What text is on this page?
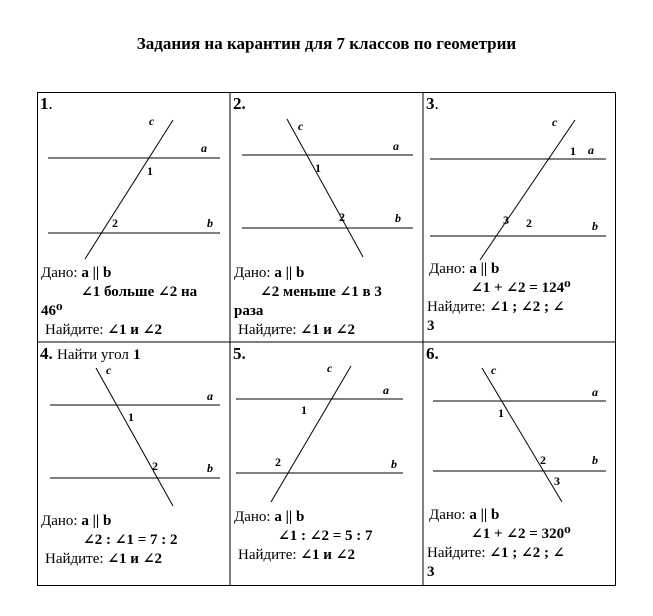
Задания на карантин для 7 классов по геометрии
1.
c
a
b
1
2
Дано: a || b
∠1 больше ∠2 на
46⁰
Найдите: ∠1 и ∠2
2.
c
a
b
1
2
Дано: a || b
∠2 меньше ∠1 в 3
раза
Найдите: ∠1 и ∠2
3.
c
a
b
1
2
3
Дано: a || b
∠1 + ∠2 = 124⁰
Найдите: ∠1 ; ∠2 ; ∠
3
4. Найти угол 1
c
a
b
1
2
Дано: a || b
∠2 : ∠1 = 7 : 2
Найдите: ∠1 и ∠2
5.
c
a
b
1
2
Дано: a || b
∠1 : ∠2 = 5 : 7
Найдите: ∠1 и ∠2
6.
c
a
b
1
2
3
Дано: a || b
∠1 + ∠2 = 320⁰
Найдите: ∠1 ; ∠2 ; ∠
3
